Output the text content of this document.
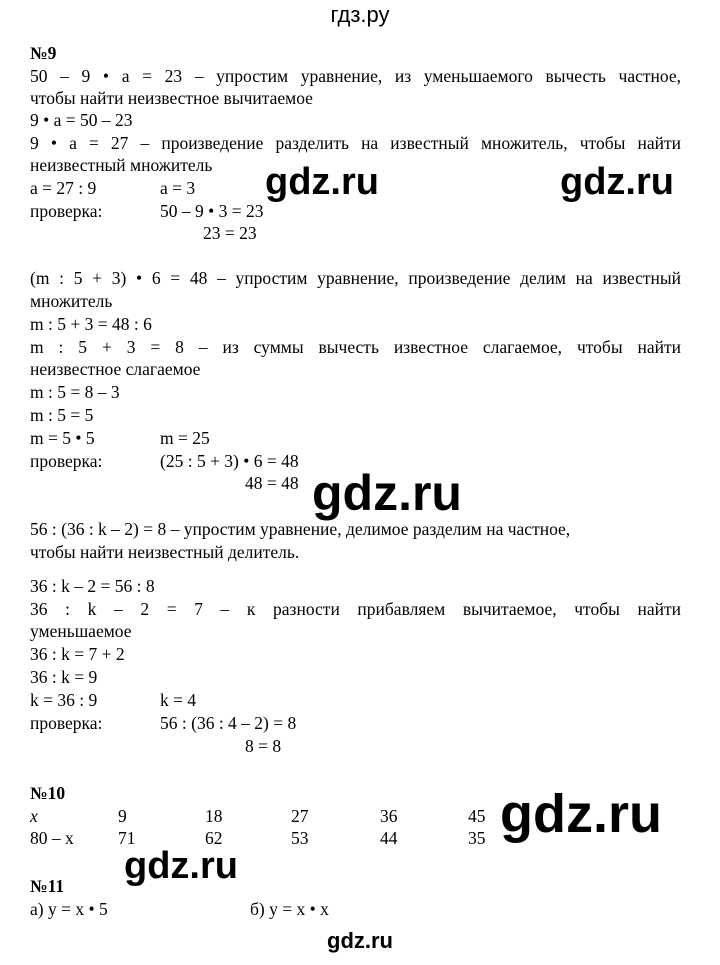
гдз.ру
№9
50 – 9 • a = 23 – упростим уравнение, из уменьшаемого вычесть частное,
чтобы найти неизвестное вычитаемое
9 • a = 50 – 23
9 • a = 27 – произведение разделить на известный множитель, чтобы найти
неизвестный множитель
a = 27 : 9	a = 3
проверка:	50 – 9 • 3 = 23
23 = 23
(m : 5 + 3) • 6 = 48 – упростим уравнение, произведение делим на известный
множитель
m : 5 + 3 = 48 : 6
m : 5 + 3 = 8 – из суммы вычесть известное слагаемое, чтобы найти
неизвестное слагаемое
m : 5 = 8 – 3
m : 5 = 5
m = 5 • 5	m = 25
проверка:	(25 : 5 + 3) • 6 = 48
48 = 48
56 : (36 : k – 2) = 8 – упростим уравнение, делимое разделим на частное,
чтобы найти неизвестный делитель.
36 : k – 2 = 56 : 8
36 : k – 2 = 7 – к разности прибавляем вычитаемое, чтобы найти
уменьшаемое
36 : k = 7 + 2
36 : k = 9
k = 36 : 9	k = 4
проверка:	56 : (36 : 4 – 2) = 8
8 = 8
№10
x	9	18	27	36	45
80 – x	71	62	53	44	35
№11
а) y = x • 5	б) y = x • x
gdz.ru	gdz.ru
gdz.ru
gdz.ru
gdz.ru
gdz.ru
